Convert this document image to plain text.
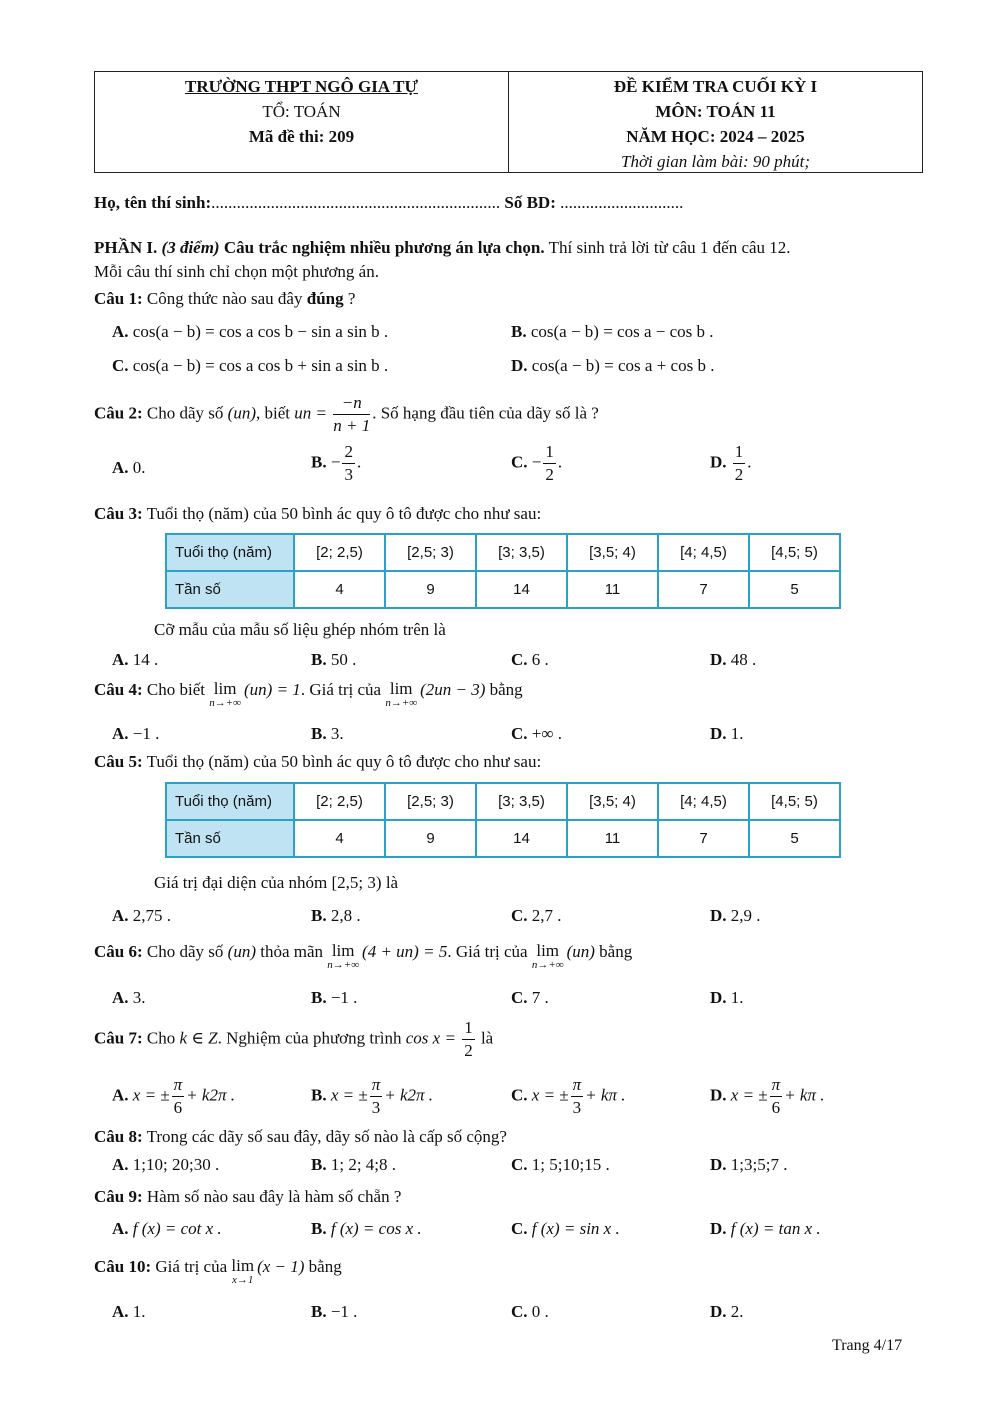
TRƯỜNG THPT NGÔ GIA TỰ
TỔ: TOÁN
Mã đề thi: 209
ĐỀ KIỂM TRA CUỐI KỲ I
MÔN: TOÁN 11
NĂM HỌC: 2024 – 2025
Thời gian làm bài: 90 phút;
Họ, tên thí sinh:.................................................................... Số BD: .............................
PHẦN I. (3 điểm) Câu trắc nghiệm nhiều phương án lựa chọn. Thí sinh trả lời từ câu 1 đến câu 12.
Mỗi câu thí sinh chỉ chọn một phương án.
Câu 1: Công thức nào sau đây đúng ?
A. cos(a − b) = cos a cos b − sin a sin b .	B. cos(a − b) = cos a − cos b .
C. cos(a − b) = cos a cos b + sin a sin b .	D. cos(a − b) = cos a + cos b .
Câu 2: Cho dãy số (un), biết un = $\frac{-n}{n + 1}$ . Số hạng đầu tiên của dãy số là ?
A. 0.	B. − $\frac{2}{3}$ .	C. − $\frac{1}{2}$ .	D. $\frac{1}{2}$ .
Câu 3: Tuổi thọ (năm) của 50 bình ác quy ô tô được cho như sau:
Tuổi thọ (năm)	[2; 2,5)	[2,5; 3)	[3; 3,5)	[3,5; 4)	[4; 4,5)	[4,5; 5)
Tần số	4	9	14	11	7	5
Cỡ mẫu của mẫu số liệu ghép nhóm trên là
A. 14 .	B. 50 .	C. 6 .	D. 48 .
Câu 4: Cho biết lim
n→+∞
(un) = 1. Giá trị của lim
n→+∞
(2un − 3) bằng
A. −1 .	B. 3.	C. +∞ .	D. 1.
Câu 5: Tuổi thọ (năm) của 50 bình ác quy ô tô được cho như sau:
Tuổi thọ (năm)	[2; 2,5)	[2,5; 3)	[3; 3,5)	[3,5; 4)	[4; 4,5)	[4,5; 5)
Tần số	4	9	14	11	7	5
Giá trị đại diện của nhóm [2,5; 3) là
A. 2,75 .	B. 2,8 .	C. 2,7 .	D. 2,9 .
Câu 6: Cho dãy số (un) thỏa mãn lim
n→+∞
(4 + un) = 5. Giá trị của lim
n→+∞
(un) bằng
A. 3.	B. −1 .	C. 7 .	D. 1.
Câu 7: Cho k ∈ Z. Nghiệm của phương trình $\cos x = \frac{1}{2}$ là
A. x = ± $\frac{\pi}{6} + k2\pi$ .	B. x = ± $\frac{\pi}{3} + k2\pi$ .	C. x = ± $\frac{\pi}{3} + k\pi$ .	D. x = ± $\frac{\pi}{6} + k\pi$ .
Câu 8: Trong các dãy số sau đây, dãy số nào là cấp số cộng?
A. 1;10; 20;30 .	B. 1; 2; 4;8 .	C. 1; 5;10;15 .	D. 1;3;5;7 .
Câu 9: Hàm số nào sau đây là hàm số chẵn ?
A. f (x) = cot x .	B. f (x) = cos x .	C. f (x) = sin x .	D. f (x) = tan x .
Câu 10: Giá trị của lim
x→1
(x − 1) bằng
A. 1.	B. −1 .	C. 0 .	D. 2.
Trang 4/17
